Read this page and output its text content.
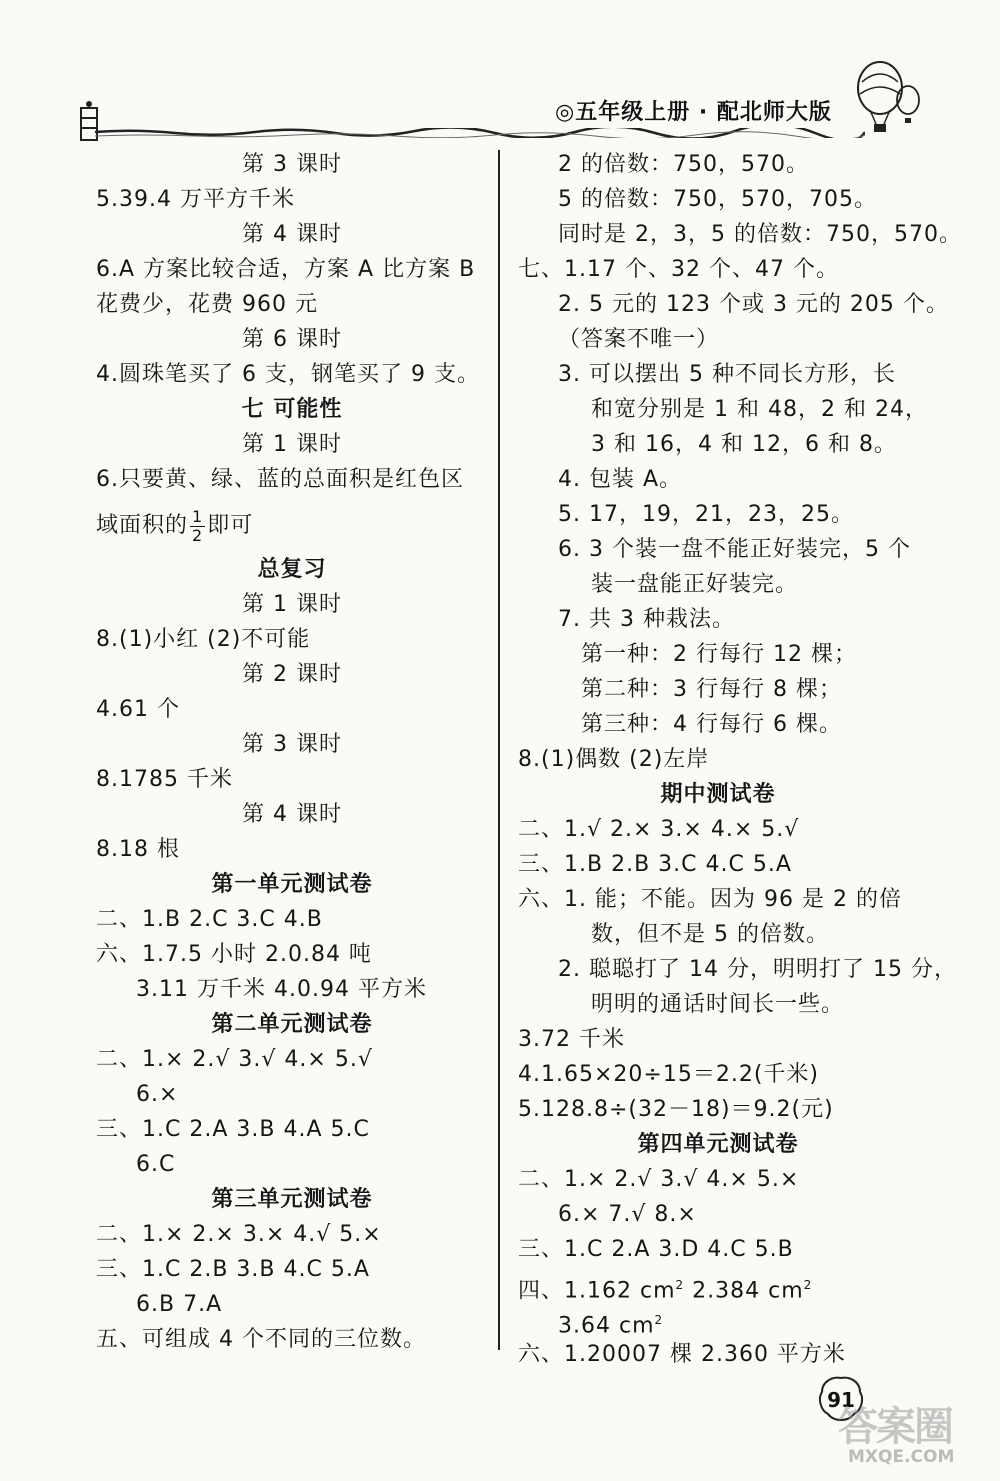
◎五年级上册 · 配北师大版
第 3 课时
5.39.4 万平方千米
第 4 课时
6.A 方案比较合适，方案 A 比方案 B
花费少，花费 960 元
第 6 课时
4.圆珠笔买了 6 支，钢笔买了 9 支。
七 可能性
第 1 课时
6.只要黄、绿、蓝的总面积是红色区
域面积的 $\frac{1}{2}$ 即可
总复习
第 1 课时
8.(1)小红 (2)不可能
第 2 课时
4.61 个
第 3 课时
8.1785 千米
第 4 课时
8.18 根
第一单元测试卷
二、1.B 2.C 3.C 4.B
六、1.7.5 小时 2.0.84 吨
3.11 万千米 4.0.94 平方米
第二单元测试卷
二、1.× 2.√ 3.√ 4.× 5.√
6.×
三、1.C 2.A 3.B 4.A 5.C
6.C
第三单元测试卷
二、1.× 2.× 3.× 4.√ 5.×
三、1.C 2.B 3.B 4.C 5.A
6.B 7.A
五、可组成 4 个不同的三位数。
2 的倍数：750，570。
5 的倍数：750，570，705。
同时是 2，3，5 的倍数：750，570。
七、1.17 个、32 个、47 个。
2. 5 元的 123 个或 3 元的 205 个。
（答案不唯一）
3. 可以摆出 5 种不同长方形，长
和宽分别是 1 和 48，2 和 24，
3 和 16，4 和 12，6 和 8。
4. 包装 A。
5. 17，19，21，23，25。
6. 3 个装一盘不能正好装完，5 个
装一盘能正好装完。
7. 共 3 种栽法。
第一种：2 行每行 12 棵；
第二种：3 行每行 8 棵；
第三种：4 行每行 6 棵。
8.(1)偶数 (2)左岸
期中测试卷
二、1.√ 2.× 3.× 4.× 5.√
三、1.B 2.B 3.C 4.C 5.A
六、1. 能；不能。因为 96 是 2 的倍
数，但不是 5 的倍数。
2. 聪聪打了 14 分，明明打了 15 分，
明明的通话时间长一些。
3.72 千米
4.1.65×20÷15＝2.2(千米)
5.128.8÷(32－18)＝9.2(元)
第四单元测试卷
二、1.× 2.√ 3.√ 4.× 5.×
6.× 7.√ 8.×
三、1.C 2.A 3.D 4.C 5.B
四、1.162 $cm^2$ 2.384 $cm^2$
3.64 $cm^2$
六、1.20007 棵 2.360 平方米
91
答案圈
MXQE.COM
